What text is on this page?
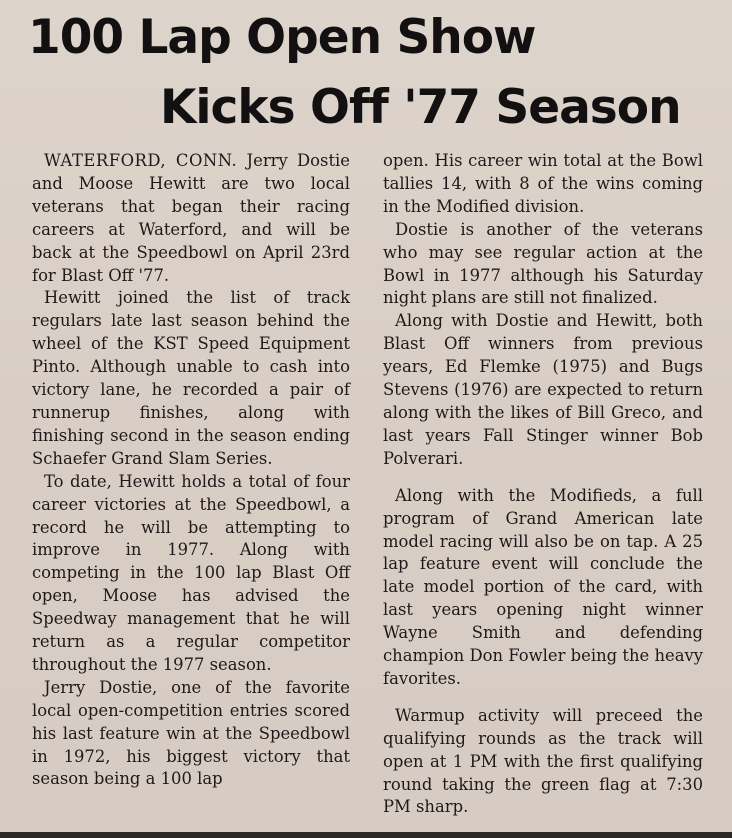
100 Lap Open Show
Kicks Off '77 Season

WATERFORD, CONN. Jerry Dostie and Moose Hewitt are two local veterans that began their racing careers at Waterford, and will be back at the Speedbowl on April 23rd for Blast Off '77.

Hewitt joined the list of track regulars late last season behind the wheel of the KST Speed Equipment Pinto. Although unable to cash into victory lane, he recorded a pair of runnerup finishes, along with finishing second in the season ending Schaefer Grand Slam Series.

To date, Hewitt holds a total of four career victories at the Speedbowl, a record he will be attempting to improve in 1977. Along with competing in the 100 lap Blast Off open, Moose has advised the Speedway management that he will return as a regular competitor throughout the 1977 season.

Jerry Dostie, one of the favorite local open-competition entries scored his last feature win at the Speedbowl in 1972, his biggest victory that season being a 100 lap

open. His career win total at the Bowl tallies 14, with 8 of the wins coming in the Modified division.

Dostie is another of the veterans who may see regular action at the Bowl in 1977 although his Saturday night plans are still not finalized.

Along with Dostie and Hewitt, both Blast Off winners from previous years, Ed Flemke (1975) and Bugs Stevens (1976) are expected to return along with the likes of Bill Greco, and last years Fall Stinger winner Bob Polverari.

Along with the Modifieds, a full program of Grand American late model racing will also be on tap. A 25 lap feature event will conclude the late model portion of the card, with last years opening night winner Wayne Smith and defending champion Don Fowler being the heavy favorites.

Warmup activity will preceed the qualifying rounds as the track will open at 1 PM with the first qualifying round taking the green flag at 7:30 PM sharp.
